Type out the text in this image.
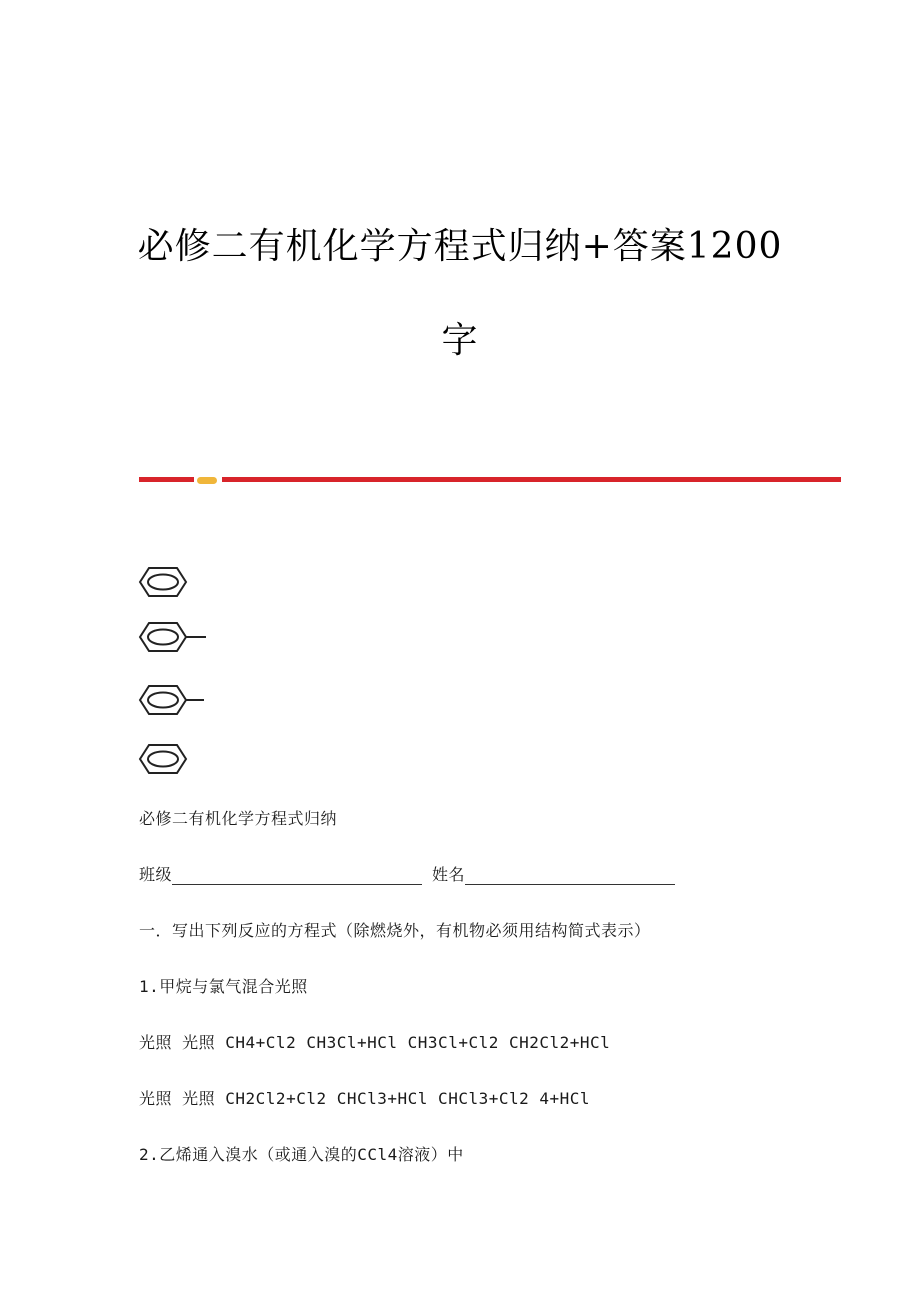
必修二有机化学方程式归纳+答案1200
字
必修二有机化学方程式归纳
班级	姓名
一．写出下列反应的方程式（除燃烧外，有机物必须用结构简式表示）
1.甲烷与氯气混合光照
光照 光照 CH4+Cl2 CH3Cl+HCl CH3Cl+Cl2 CH2Cl2+HCl
光照 光照 CH2Cl2+Cl2 CHCl3+HCl CHCl3+Cl2 4+HCl
2.乙烯通入溴水（或通入溴的CCl4溶液）中
